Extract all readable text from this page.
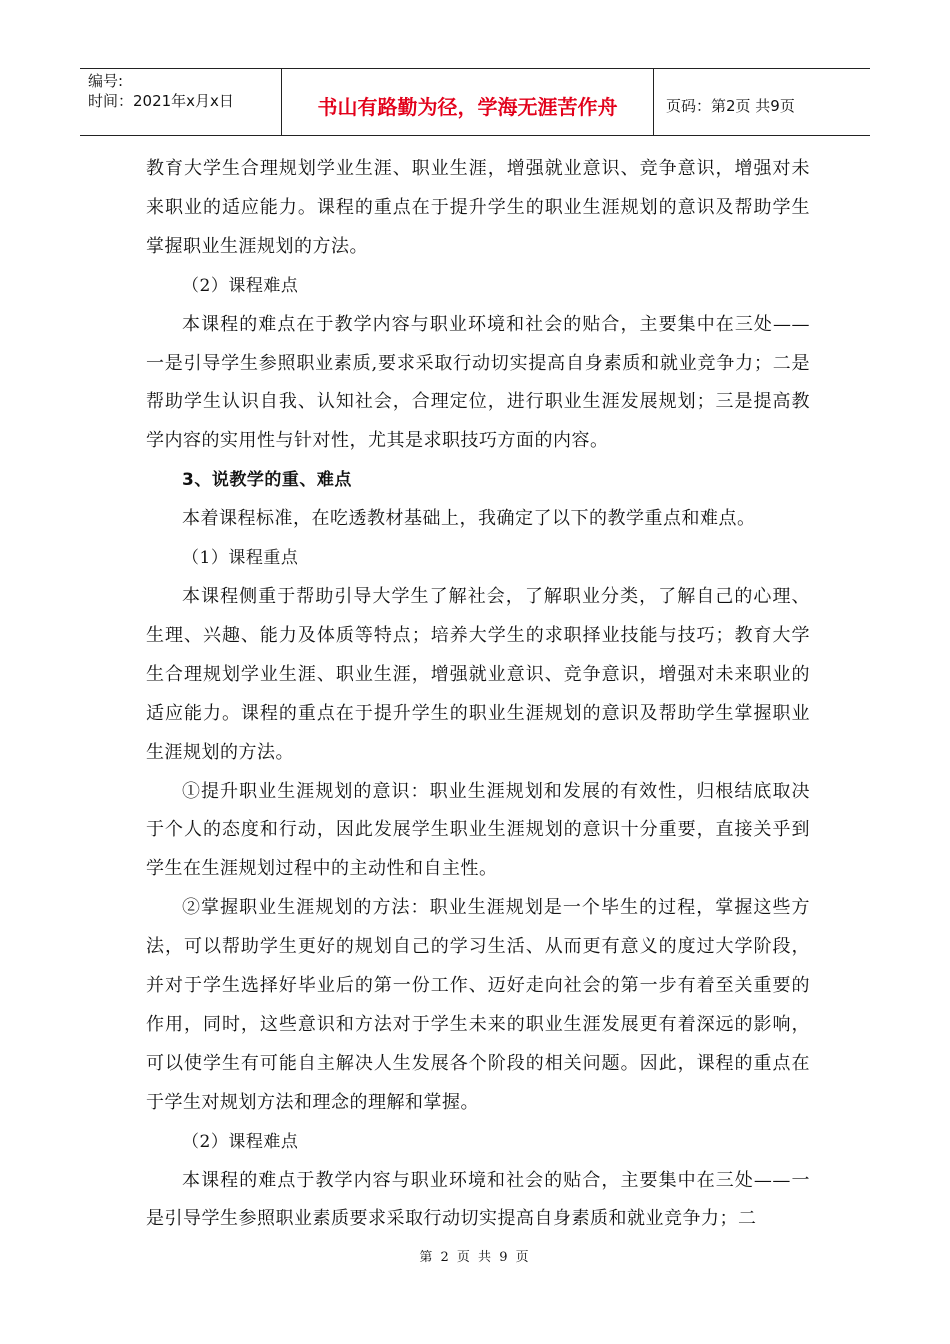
编号:
时间：2021年x月x日	书山有路勤为径，学海无涯苦作舟	页码：第2页 共9页

教育大学生合理规划学业生涯、职业生涯，增强就业意识、竞争意识，增强对未来职业的适应能力。课程的重点在于提升学生的职业生涯规划的意识及帮助学生掌握职业生涯规划的方法。

（2）课程难点

本课程的难点在于教学内容与职业环境和社会的贴合，主要集中在三处——一是引导学生参照职业素质,要求采取行动切实提高自身素质和就业竞争力；二是帮助学生认识自我、认知社会，合理定位，进行职业生涯发展规划；三是提高教学内容的实用性与针对性，尤其是求职技巧方面的内容。

3、说教学的重、难点

本着课程标准，在吃透教材基础上，我确定了以下的教学重点和难点。

（1）课程重点

本课程侧重于帮助引导大学生了解社会，了解职业分类，了解自己的心理、生理、兴趣、能力及体质等特点；培养大学生的求职择业技能与技巧；教育大学生合理规划学业生涯、职业生涯，增强就业意识、竞争意识，增强对未来职业的适应能力。课程的重点在于提升学生的职业生涯规划的意识及帮助学生掌握职业生涯规划的方法。

①提升职业生涯规划的意识：职业生涯规划和发展的有效性，归根结底取决于个人的态度和行动，因此发展学生职业生涯规划的意识十分重要，直接关乎到学生在生涯规划过程中的主动性和自主性。

②掌握职业生涯规划的方法：职业生涯规划是一个毕生的过程，掌握这些方法，可以帮助学生更好的规划自己的学习生活、从而更有意义的度过大学阶段，并对于学生选择好毕业后的第一份工作、迈好走向社会的第一步有着至关重要的作用，同时，这些意识和方法对于学生未来的职业生涯发展更有着深远的影响，可以使学生有可能自主解决人生发展各个阶段的相关问题。因此，课程的重点在于学生对规划方法和理念的理解和掌握。

（2）课程难点

本课程的难点于教学内容与职业环境和社会的贴合，主要集中在三处——一是引导学生参照职业素质要求采取行动切实提高自身素质和就业竞争力；二

第 2 页 共 9 页
